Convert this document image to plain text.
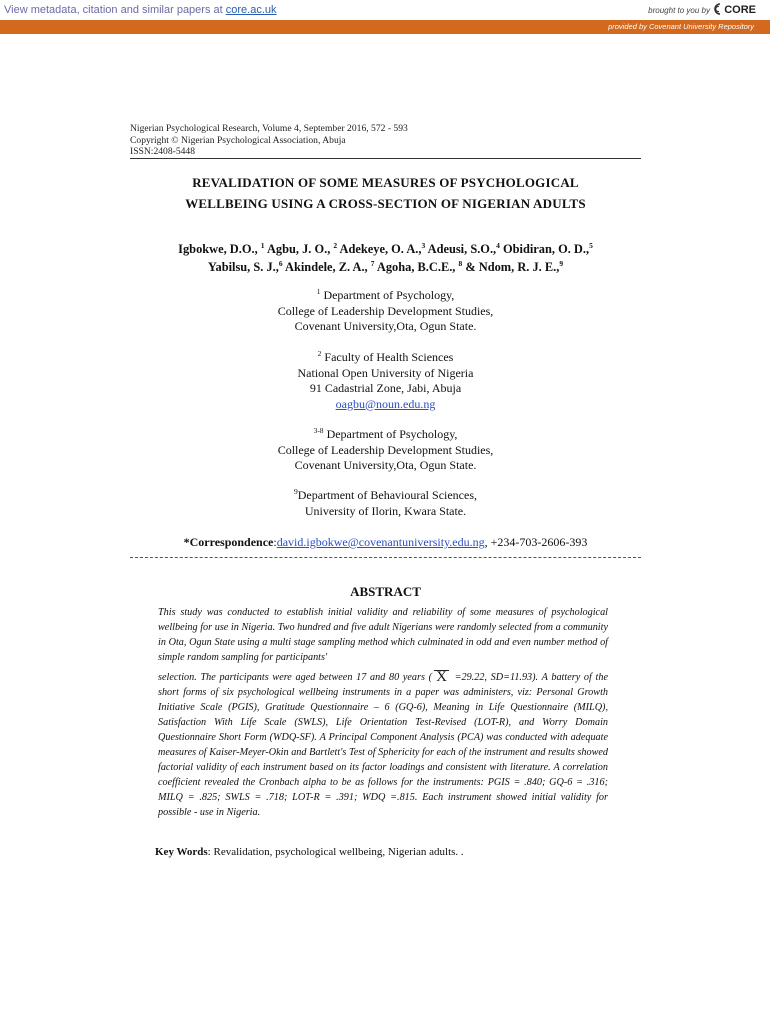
View metadata, citation and similar papers at core.ac.uk	brought to you by CORE
provided by Covenant University Repository
Nigerian Psychological Research, Volume 4, September 2016, 572 - 593
Copyright © Nigerian Psychological Association, Abuja
ISSN:2408-5448
REVALIDATION OF SOME MEASURES OF PSYCHOLOGICAL
WELLBEING USING A CROSS-SECTION OF NIGERIAN ADULTS
Igbokwe, D.O., $^1$ Agbu, J. O., $^2$ Adekeye, O. A.,$^3$ Adeusi, S.O.,$^4$ Obidiran, O. D.,$^5$
Yabilsu, S. J.,$^6$ Akindele, Z. A., $^7$ Agoha, B.C.E., $^8$ & Ndom, R. J. E.,$^9$
$^1$ Department of Psychology,
College of Leadership Development Studies,
Covenant University,Ota, Ogun State.
$^2$ Faculty of Health Sciences
National Open University of Nigeria
91 Cadastrial Zone, Jabi, Abuja
oagbu@noun.edu.ng
$^{3-8}$ Department of Psychology,
College of Leadership Development Studies,
Covenant University,Ota, Ogun State.
$^9$Department of Behavioural Sciences,
University of Ilorin, Kwara State.
*Correspondence:david.igbokwe@covenantuniversity.edu.ng, +234-703-2606-393
ABSTRACT

This study was conducted to establish initial validity and reliability of some measures of psychological wellbeing for use in Nigeria. Two hundred and five adult Nigerians were randomly selected from a community in Ota, Ogun State using a multi stage sampling method which culminated in odd and even number method of simple random sampling for participants'

selection. The participants were aged between 17 and 80 years ( X =29.22, SD=11.93). A battery of the short forms of six psychological wellbeing instruments in a paper was administers, viz: Personal Growth Initiative Scale (PGIS), Gratitude Questionnaire – 6 (GQ-6), Meaning in Life Questionnaire (MILQ), Satisfaction With Life Scale (SWLS), Life Orientation Test-Revised (LOT-R), and Worry Domain Questionnaire Short Form (WDQ-SF). A Principal Component Analysis (PCA) was conducted with adequate measures of Kaiser-Meyer-Okin and Bartlett's Test of Sphericity for each of the instrument and results showed factorial validity of each instrument based on its factor loadings and consistent with literature. A correlation coefficient revealed the Cronbach alpha to be as follows for the instruments: PGIS = .840; GQ-6 = .316; MILQ = .825; SWLS = .718; LOT-R = .391; WDQ =.815. Each instrument showed initial validity for possible - use in Nigeria.

Key Words: Revalidation, psychological wellbeing, Nigerian adults. .
